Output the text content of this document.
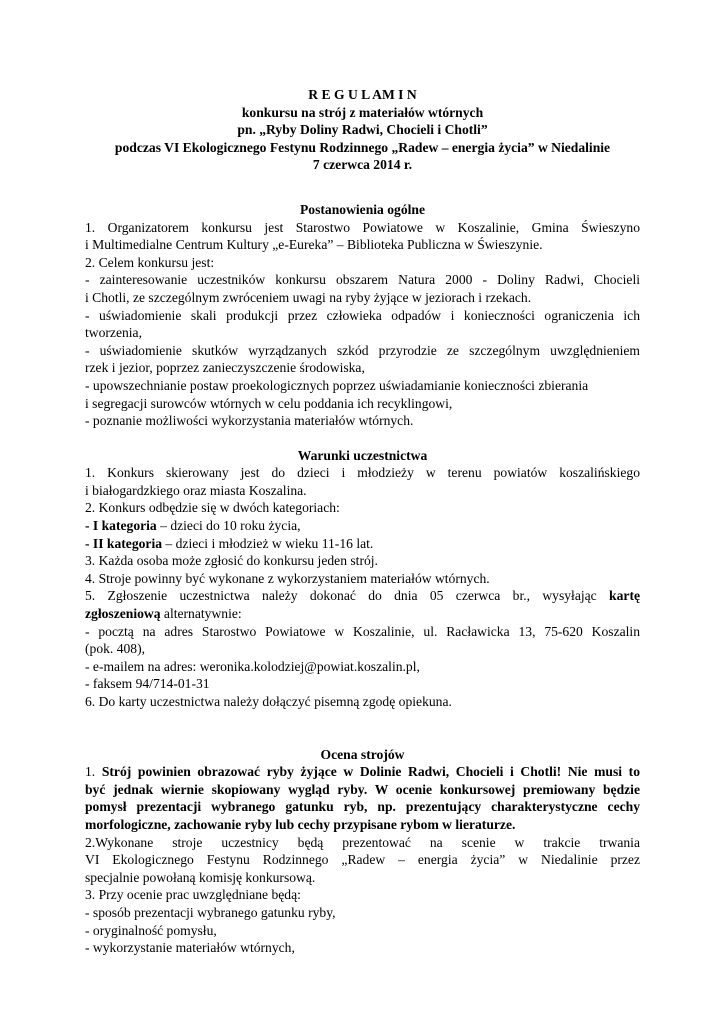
R E G U L AM I N
konkursu na strój z materiałów wtórnych
pn. „Ryby Doliny Radwi, Chocieli i Chotli”
podczas VI Ekologicznego Festynu Rodzinnego „Radew – energia życia” w Niedalinie
7 czerwca 2014 r.
Postanowienia ogólne
1. Organizatorem konkursu jest Starostwo Powiatowe w Koszalinie, Gmina Świeszyno
i Multimedialne Centrum Kultury „e-Eureka” – Biblioteka Publiczna w Świeszynie.
2. Celem konkursu jest:
- zainteresowanie uczestników konkursu obszarem Natura 2000 - Doliny Radwi, Chocieli
i Chotli, ze szczególnym zwróceniem uwagi na ryby żyjące w jeziorach i rzekach.
- uświadomienie skali produkcji przez człowieka odpadów i konieczności ograniczenia ich
tworzenia,
- uświadomienie skutków wyrządzanych szkód przyrodzie ze szczególnym uwzględnieniem
rzek i jezior, poprzez zanieczyszczenie środowiska,
- upowszechnianie postaw proekologicznych poprzez uświadamianie konieczności zbierania
i segregacji surowców wtórnych w celu poddania ich recyklingowi,
- poznanie możliwości wykorzystania materiałów wtórnych.
Warunki uczestnictwa
1. Konkurs skierowany jest do dzieci i młodzieży w terenu powiatów koszalińskiego
i białogardzkiego oraz miasta Koszalina.
2. Konkurs odbędzie się w dwóch kategoriach:
- I kategoria – dzieci do 10 roku życia,
- II kategoria – dzieci i młodzież w wieku 11-16 lat.
3. Każda osoba może zgłosić do konkursu jeden strój.
4. Stroje powinny być wykonane z wykorzystaniem materiałów wtórnych.
5. Zgłoszenie uczestnictwa należy dokonać do dnia 05 czerwca br., wysyłając kartę
zgłoszeniową alternatywnie:
- pocztą na adres Starostwo Powiatowe w Koszalinie, ul. Racławicka 13, 75-620 Koszalin
(pok. 408),
- e-mailem na adres: weronika.kolodziej@powiat.koszalin.pl,
- faksem 94/714-01-31
6. Do karty uczestnictwa należy dołączyć pisemną zgodę opiekuna.
Ocena strojów
1. Strój powinien obrazować ryby żyjące w Dolinie Radwi, Chocieli i Chotli! Nie musi to
być jednak wiernie skopiowany wygląd ryby. W ocenie konkursowej premiowany będzie
pomysł prezentacji wybranego gatunku ryb, np. prezentujący charakterystyczne cechy
morfologiczne, zachowanie ryby lub cechy przypisane rybom w lieraturze.
2.Wykonane stroje uczestnicy będą prezentować na scenie w trakcie trwania
VI Ekologicznego Festynu Rodzinnego „Radew – energia życia” w Niedalinie przez
specjalnie powołaną komisję konkursową.
3. Przy ocenie prac uwzględniane będą:
- sposób prezentacji wybranego gatunku ryby,
- oryginalność pomysłu,
- wykorzystanie materiałów wtórnych,
